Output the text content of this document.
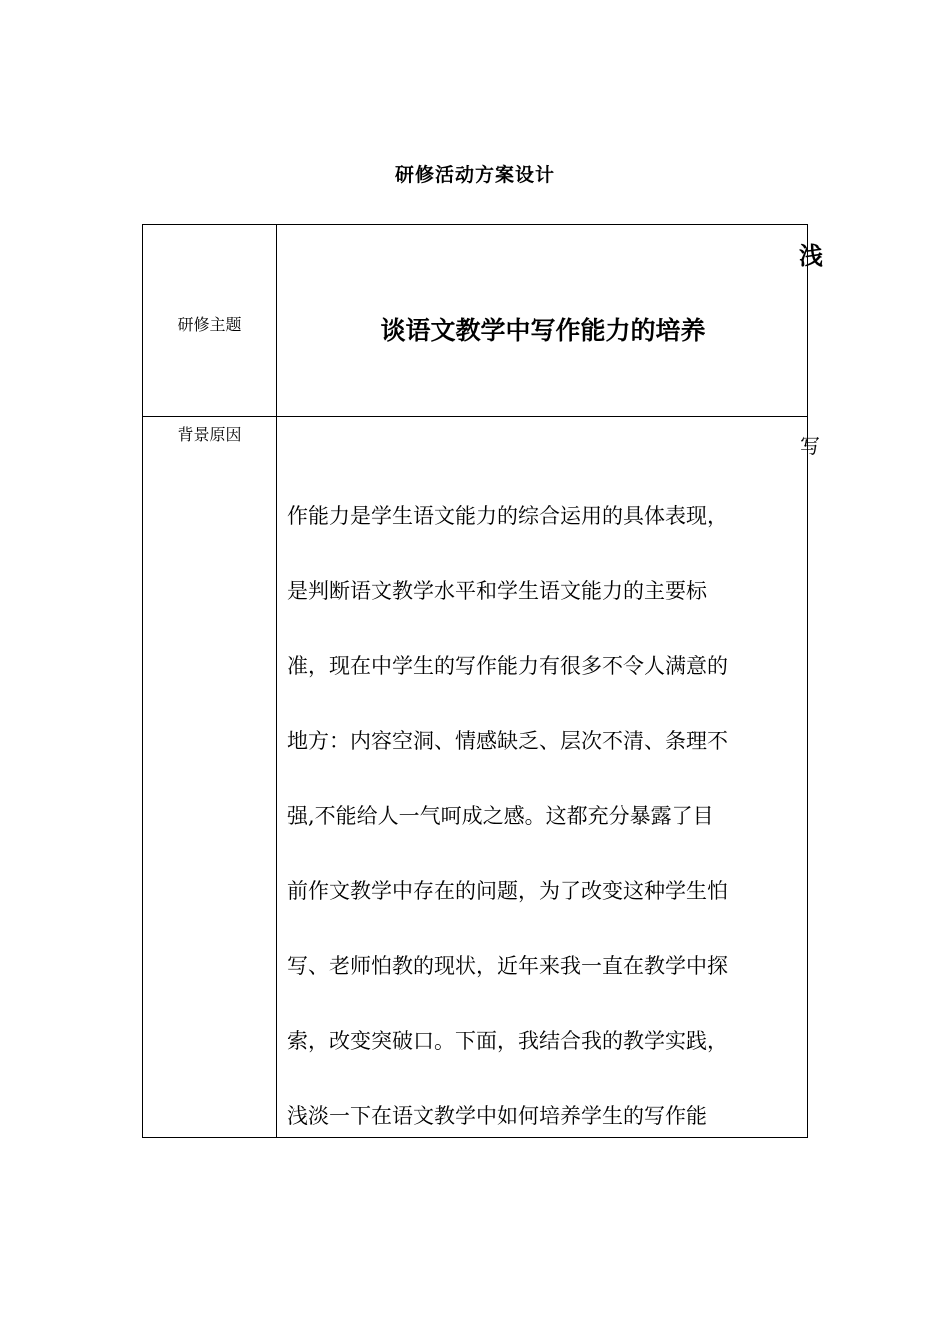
研修活动方案设计
研修主题	谈语文教学中写作能力的培养
背景原因
作能力是学生语文能力的综合运用的具体表现，
是判断语文教学水平和学生语文能力的主要标
准，现在中学生的写作能力有很多不令人满意的
地方：内容空洞、情感缺乏、层次不清、条理不
强,不能给人一气呵成之感。这都充分暴露了目
前作文教学中存在的问题，为了改变这种学生怕
写、老师怕教的现状，近年来我一直在教学中探
索，改变突破口。下面，我结合我的教学实践，
浅淡一下在语文教学中如何培养学生的写作能
浅
写
